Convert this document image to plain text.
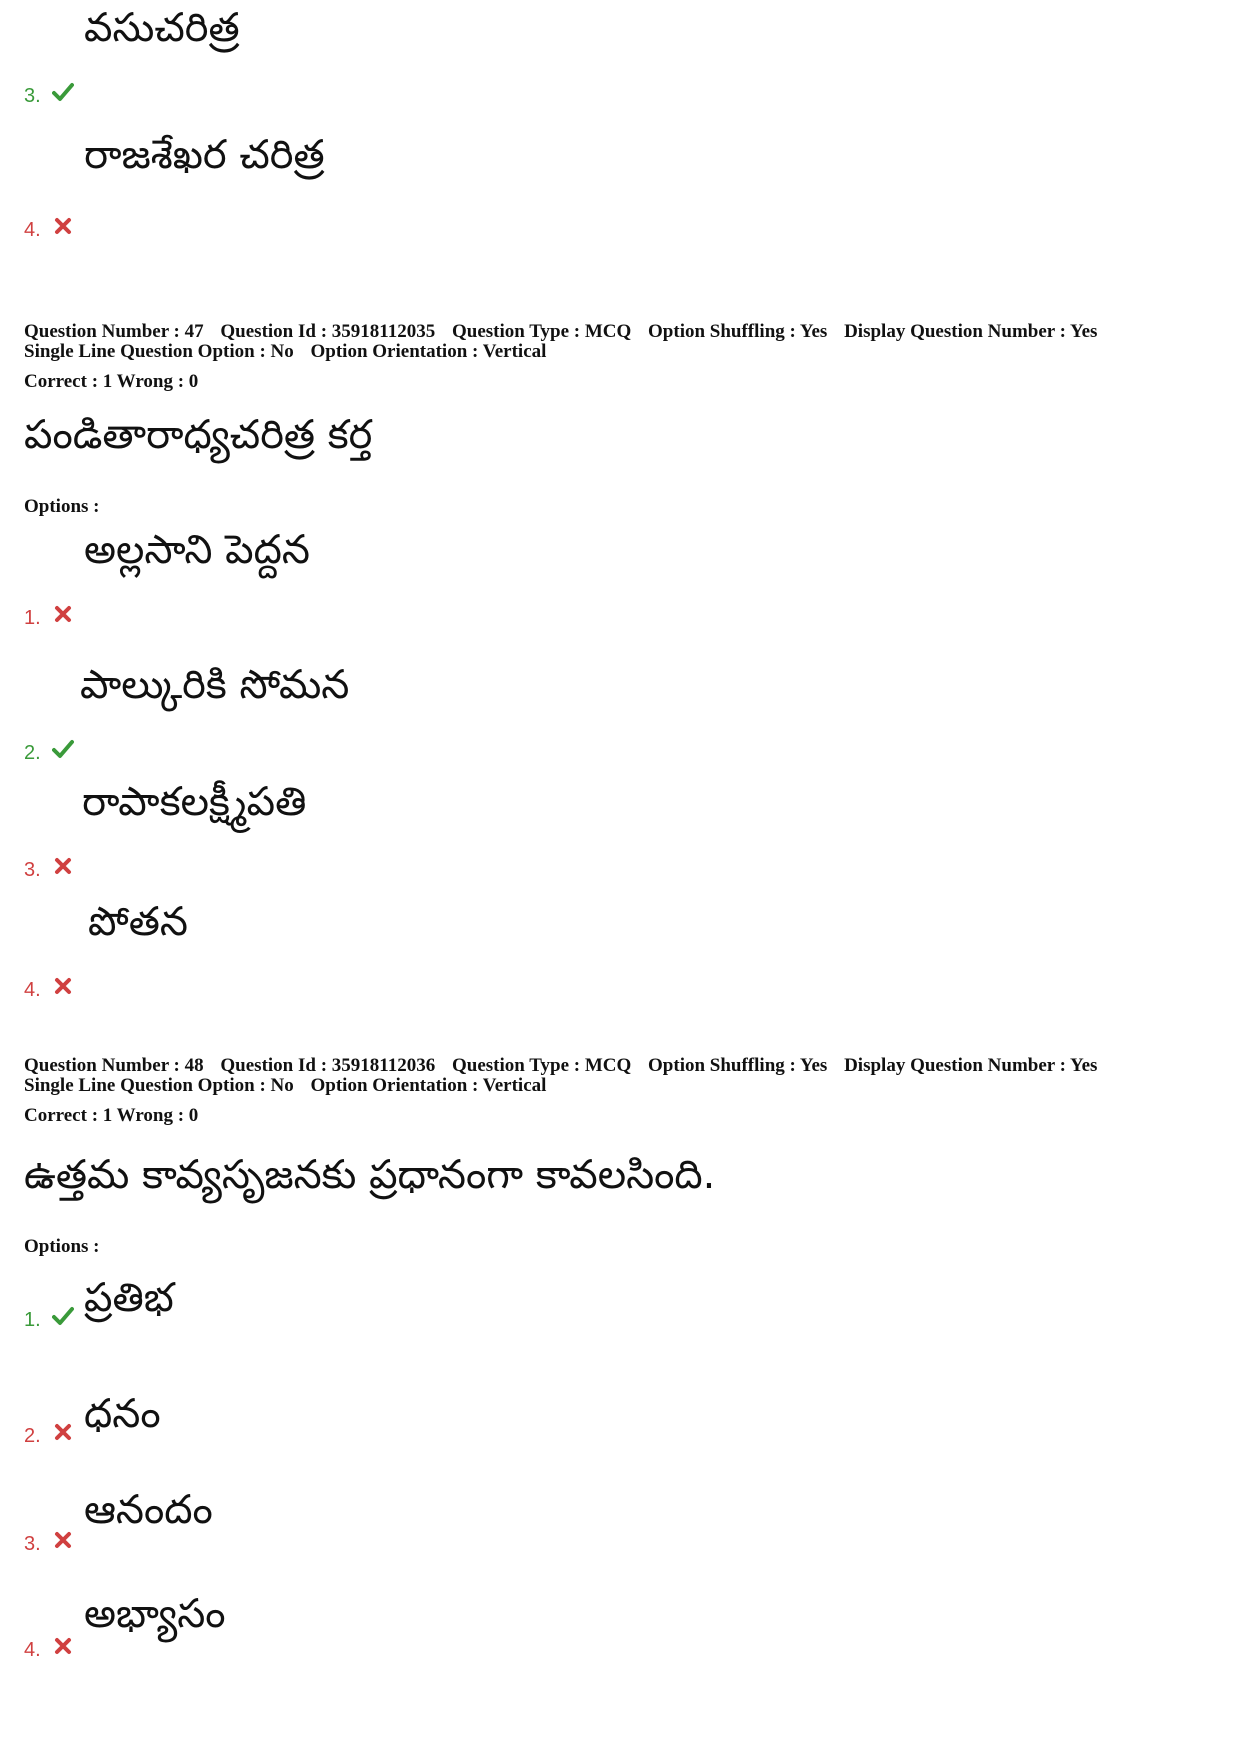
వసుచరిత్ర
3.
రాజశేఖర చరిత్ర
4.
Question Number : 47 Question Id : 35918112035 Question Type : MCQ Option Shuffling : Yes Display Question Number : Yes
Single Line Question Option : No Option Orientation : Vertical
Correct : 1 Wrong : 0
పండితారాధ్యచరిత్ర కర్త
Options :
అల్లసాని పెద్దన
1.
పాల్కురికి సోమన
2.
రాపాకలక్ష్మీపతి
3.
పోతన
4.
Question Number : 48 Question Id : 35918112036 Question Type : MCQ Option Shuffling : Yes Display Question Number : Yes
Single Line Question Option : No Option Orientation : Vertical
Correct : 1 Wrong : 0
ఉత్తమ కావ్యసృజనకు ప్రధానంగా కావలసింది.
Options :
ప్రతిభ
1.
ధనం
2.
ఆనందం
3.
అభ్యాసం
4.
